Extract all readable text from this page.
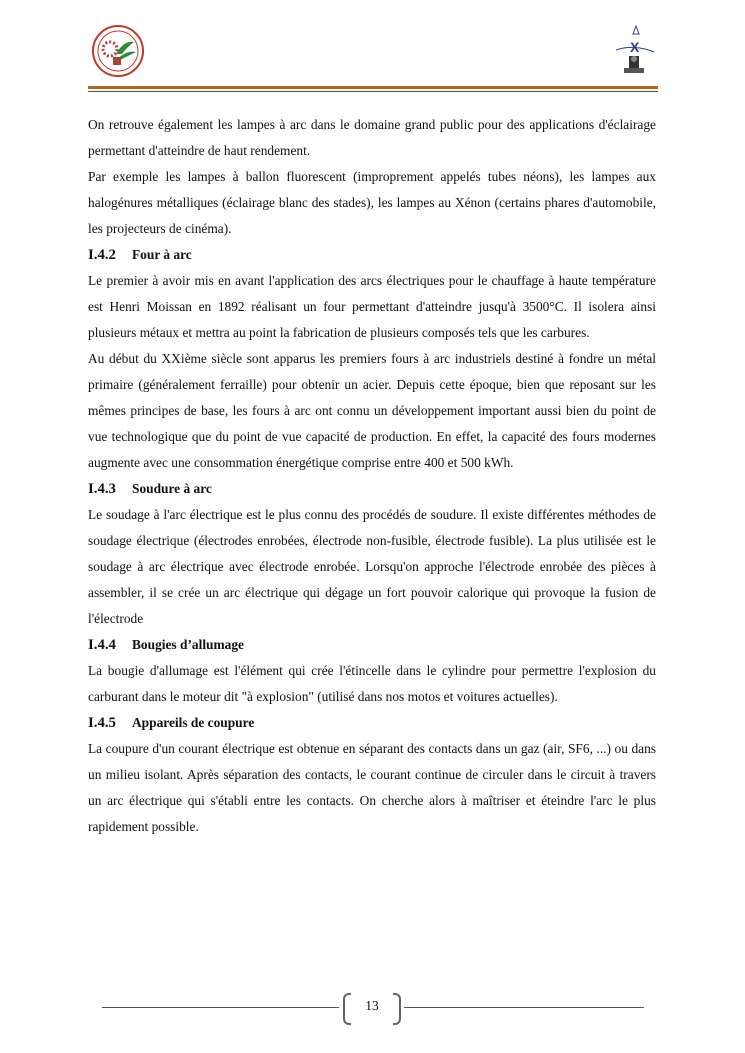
X

On retrouve également les lampes à arc dans le domaine grand public pour des applications d'éclairage permettant d'atteindre de haut rendement.

Par exemple les lampes à ballon fluorescent (improprement appelés tubes néons), les lampes aux halogénures métalliques (éclairage blanc des stades), les lampes au Xénon (certains phares d'automobile, les projecteurs de cinéma).

I.4.2 Four à arc

Le premier à avoir mis en avant l'application des arcs électriques pour le chauffage à haute température est Henri Moissan en 1892 réalisant un four permettant d'atteindre jusqu'à 3500°C. Il isolera ainsi plusieurs métaux et mettra au point la fabrication de plusieurs composés tels que les carbures.

Au début du XXième siècle sont apparus les premiers fours à arc industriels destiné à fondre un métal primaire (généralement ferraille) pour obtenir un acier. Depuis cette époque, bien que reposant sur les mêmes principes de base, les fours à arc ont connu un développement important aussi bien du point de vue technologique que du point de vue capacité de production. En effet, la capacité des fours modernes augmente avec une consommation énergétique comprise entre 400 et 500 kWh.

I.4.3 Soudure à arc

Le soudage à l'arc électrique est le plus connu des procédés de soudure. Il existe différentes méthodes de soudage électrique (électrodes enrobées, électrode non-fusible, électrode fusible). La plus utilisée est le soudage à arc électrique avec électrode enrobée. Lorsqu'on approche l'électrode enrobée des pièces à assembler, il se crée un arc électrique qui dégage un fort pouvoir calorique qui provoque la fusion de l'électrode

I.4.4 Bougies d’allumage

La bougie d'allumage est l'élément qui crée l'étincelle dans le cylindre pour permettre l'explosion du carburant dans le moteur dit "à explosion" (utilisé dans nos motos et voitures actuelles).

I.4.5 Appareils de coupure

La coupure d'un courant électrique est obtenue en séparant des contacts dans un gaz (air, SF6, ...) ou dans un milieu isolant. Après séparation des contacts, le courant continue de circuler dans le circuit à travers un arc électrique qui s'établi entre les contacts. On cherche alors à maîtriser et éteindre l'arc le plus rapidement possible.

13
